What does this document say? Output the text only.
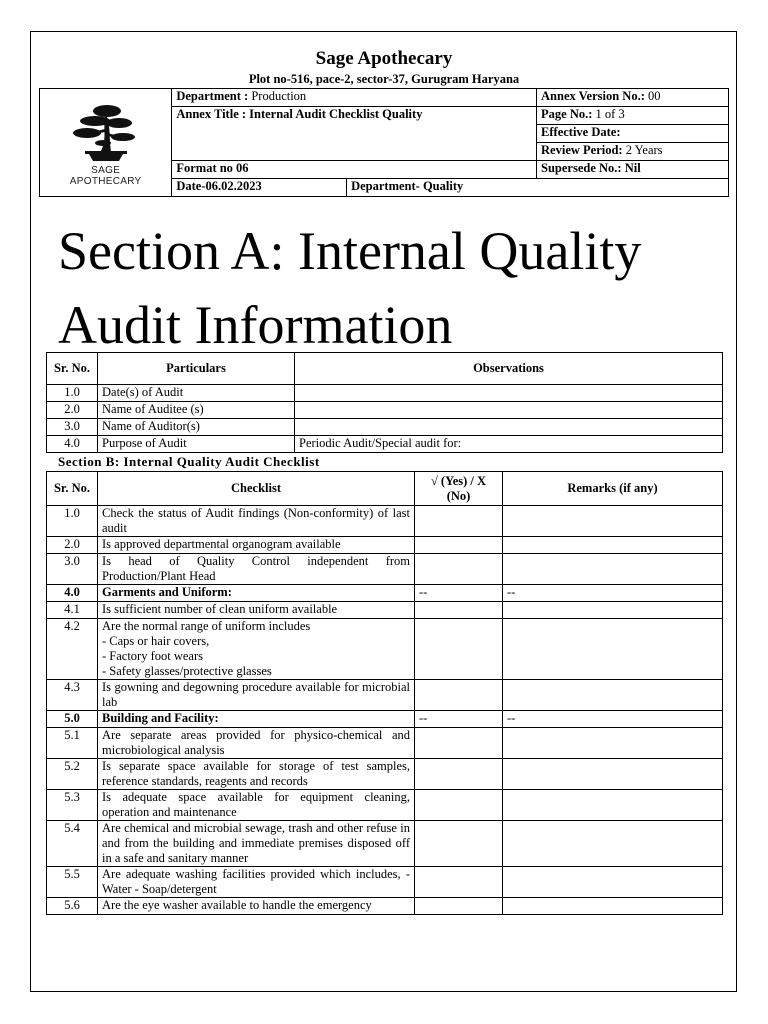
Sage Apothecary
Plot no-516, pace-2, sector-37, Gurugram Haryana
SAGE
APOTHECARY	Department : Production		Annex Version No.: 00
	Annex Title : Internal Audit Checklist Quality		Page No.: 1 of 3
			Effective Date:
			Review Period: 2 Years
	Format no 06		Supersede No.: Nil
	Date-06.02.2023	Department- Quality	
Section A: Internal Quality Audit Information
Sr. No.	Particulars	Observations
1.0	Date(s) of Audit	
2.0	Name of Auditee (s)	
3.0	Name of Auditor(s)	
4.0	Purpose of Audit	Periodic Audit/Special audit for:
Section B: Internal Quality Audit Checklist
Sr. No.	Checklist	√ (Yes) / X (No)	Remarks (if any)
1.0	Check the status of Audit findings (Non-conformity) of last audit		
2.0	Is approved departmental organogram available		
3.0	Is head of Quality Control independent from Production/Plant Head		
4.0	Garments and Uniform:	--	--
4.1	Is sufficient number of clean uniform available		
4.2	Are the normal range of uniform includes
- Caps or hair covers,
- Factory foot wears
- Safety glasses/protective glasses		
4.3	Is gowning and degowning procedure available for microbial lab		
5.0	Building and Facility:	--	--
5.1	Are separate areas provided for physico-chemical and microbiological analysis		
5.2	Is separate space available for storage of test samples, reference standards, reagents and records		
5.3	Is adequate space available for equipment cleaning, operation and maintenance		
5.4	Are chemical and microbial sewage, trash and other refuse in and from the building and immediate premises disposed off in a safe and sanitary manner		
5.5	Are adequate washing facilities provided which includes, - Water - Soap/detergent		
5.6	Are the eye washer available to handle the emergency		
